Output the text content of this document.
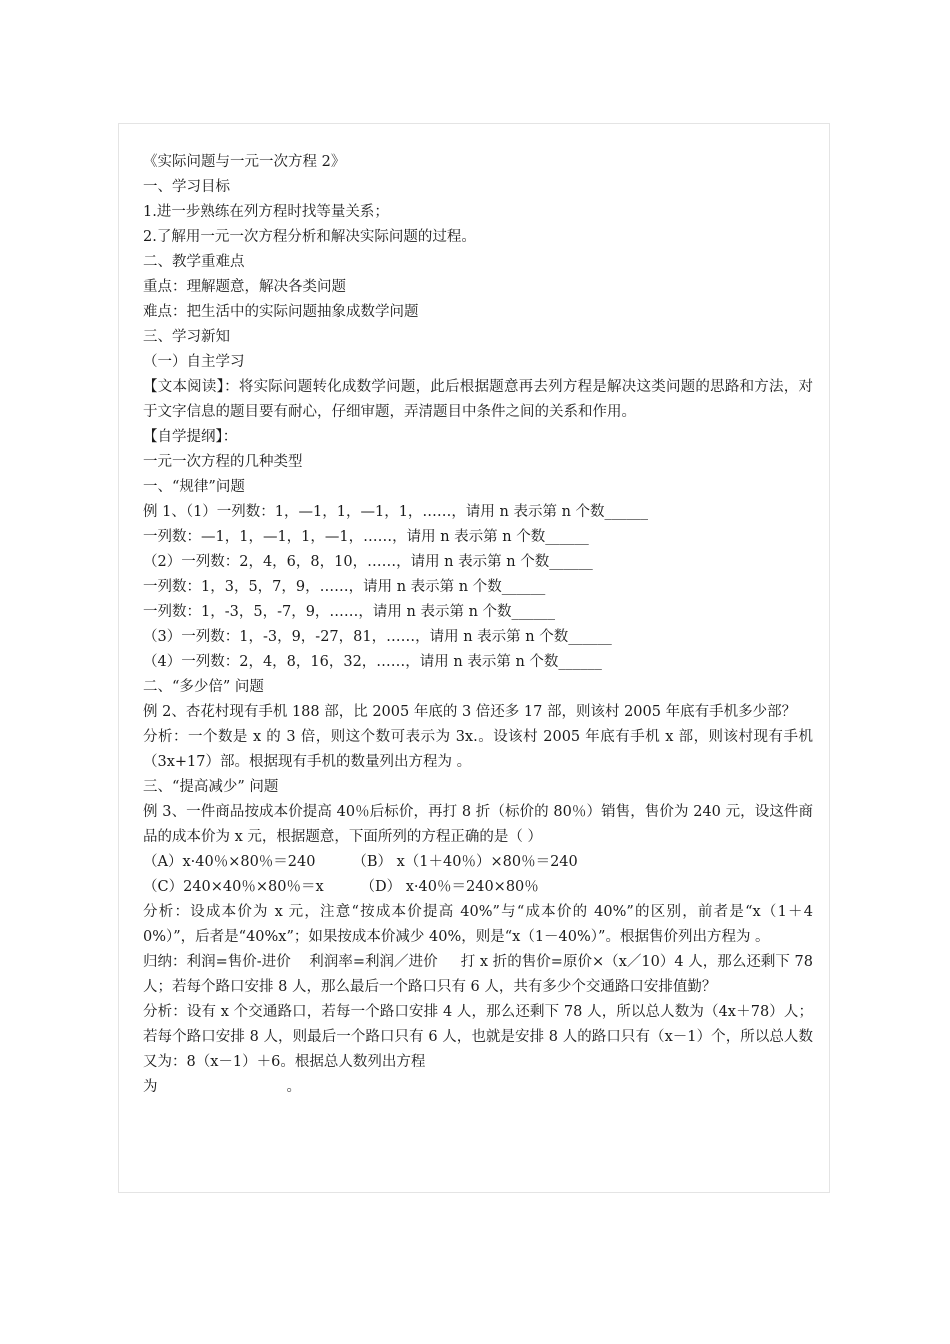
《实际问题与一元一次方程 2》
一、学习目标
1.进一步熟练在列方程时找等量关系；
2.了解用一元一次方程分析和解决实际问题的过程。
二、教学重难点
重点：理解题意，解决各类问题
难点：把生活中的实际问题抽象成数学问题
三、学习新知
（一）自主学习
【文本阅读】：将实际问题转化成数学问题，此后根据题意再去列方程是解决这类问题的思路和方法，对于文字信息的题目要有耐心，仔细审题，弄清题目中条件之间的关系和作用。
【自学提纲】：
一元一次方程的几种类型
一、“规律”问题
例 1、（1）一列数：1，—1，1，—1，1，……，请用 n 表示第 n 个数______
一列数：—1，1，—1，1，—1，……，请用 n 表示第 n 个数______
（2）一列数：2，4，6，8，10，……，请用 n 表示第 n 个数______
一列数：1，3，5，7，9，……，请用 n 表示第 n 个数______
一列数：1，-3，5，-7，9，……，请用 n 表示第 n 个数______
（3）一列数：1，-3，9，-27，81，……，请用 n 表示第 n 个数______
（4）一列数：2，4，8，16，32，……，请用 n 表示第 n 个数______
二、“多少倍” 问题
例 2、杏花村现有手机 188 部，比 2005 年底的 3 倍还多 17 部，则该村 2005 年底有手机多少部？
分析：一个数是 x 的 3 倍，则这个数可表示为 3x.。设该村 2005 年底有手机 x 部，则该村现有手机（3x+17）部。根据现有手机的数量列出方程为 。
三、“提高减少” 问题
例 3、一件商品按成本价提高 40％后标价，再打 8 折（标价的 80％）销售，售价为 240 元，设这件商品的成本价为 x 元，根据题意，下面所列的方程正确的是（ ）
（A）x·40％×80％＝240        （B） x（1＋40％）×80％＝240
（C）240×40％×80％＝x        （D） x·40％＝240×80％
分析：设成本价为 x 元，注意“按成本价提高 40%”与“成本价的 40%”的区别，前者是“x（1＋40%）”，后者是“40%x”；如果按成本价减少 40%，则是“x（1－40%）”。根据售价列出方程为 。
归纳：利润=售价-进价    利润率=利润／进价     打 x 折的售价=原价×（x／10）4 人，那么还剩下 78 人；若每个路口安排 8 人，那么最后一个路口只有 6 人，共有多少个交通路口安排值勤？
分析：设有 x 个交通路口，若每一个路口安排 4 人，那么还剩下 78 人，所以总人数为（4x＋78）人；若每个路口安排 8 人，则最后一个路口只有 6 人，也就是安排 8 人的路口只有（x－1）个，所以总人数又为：8（x－1）＋6。根据总人数列出方程
为                            。
